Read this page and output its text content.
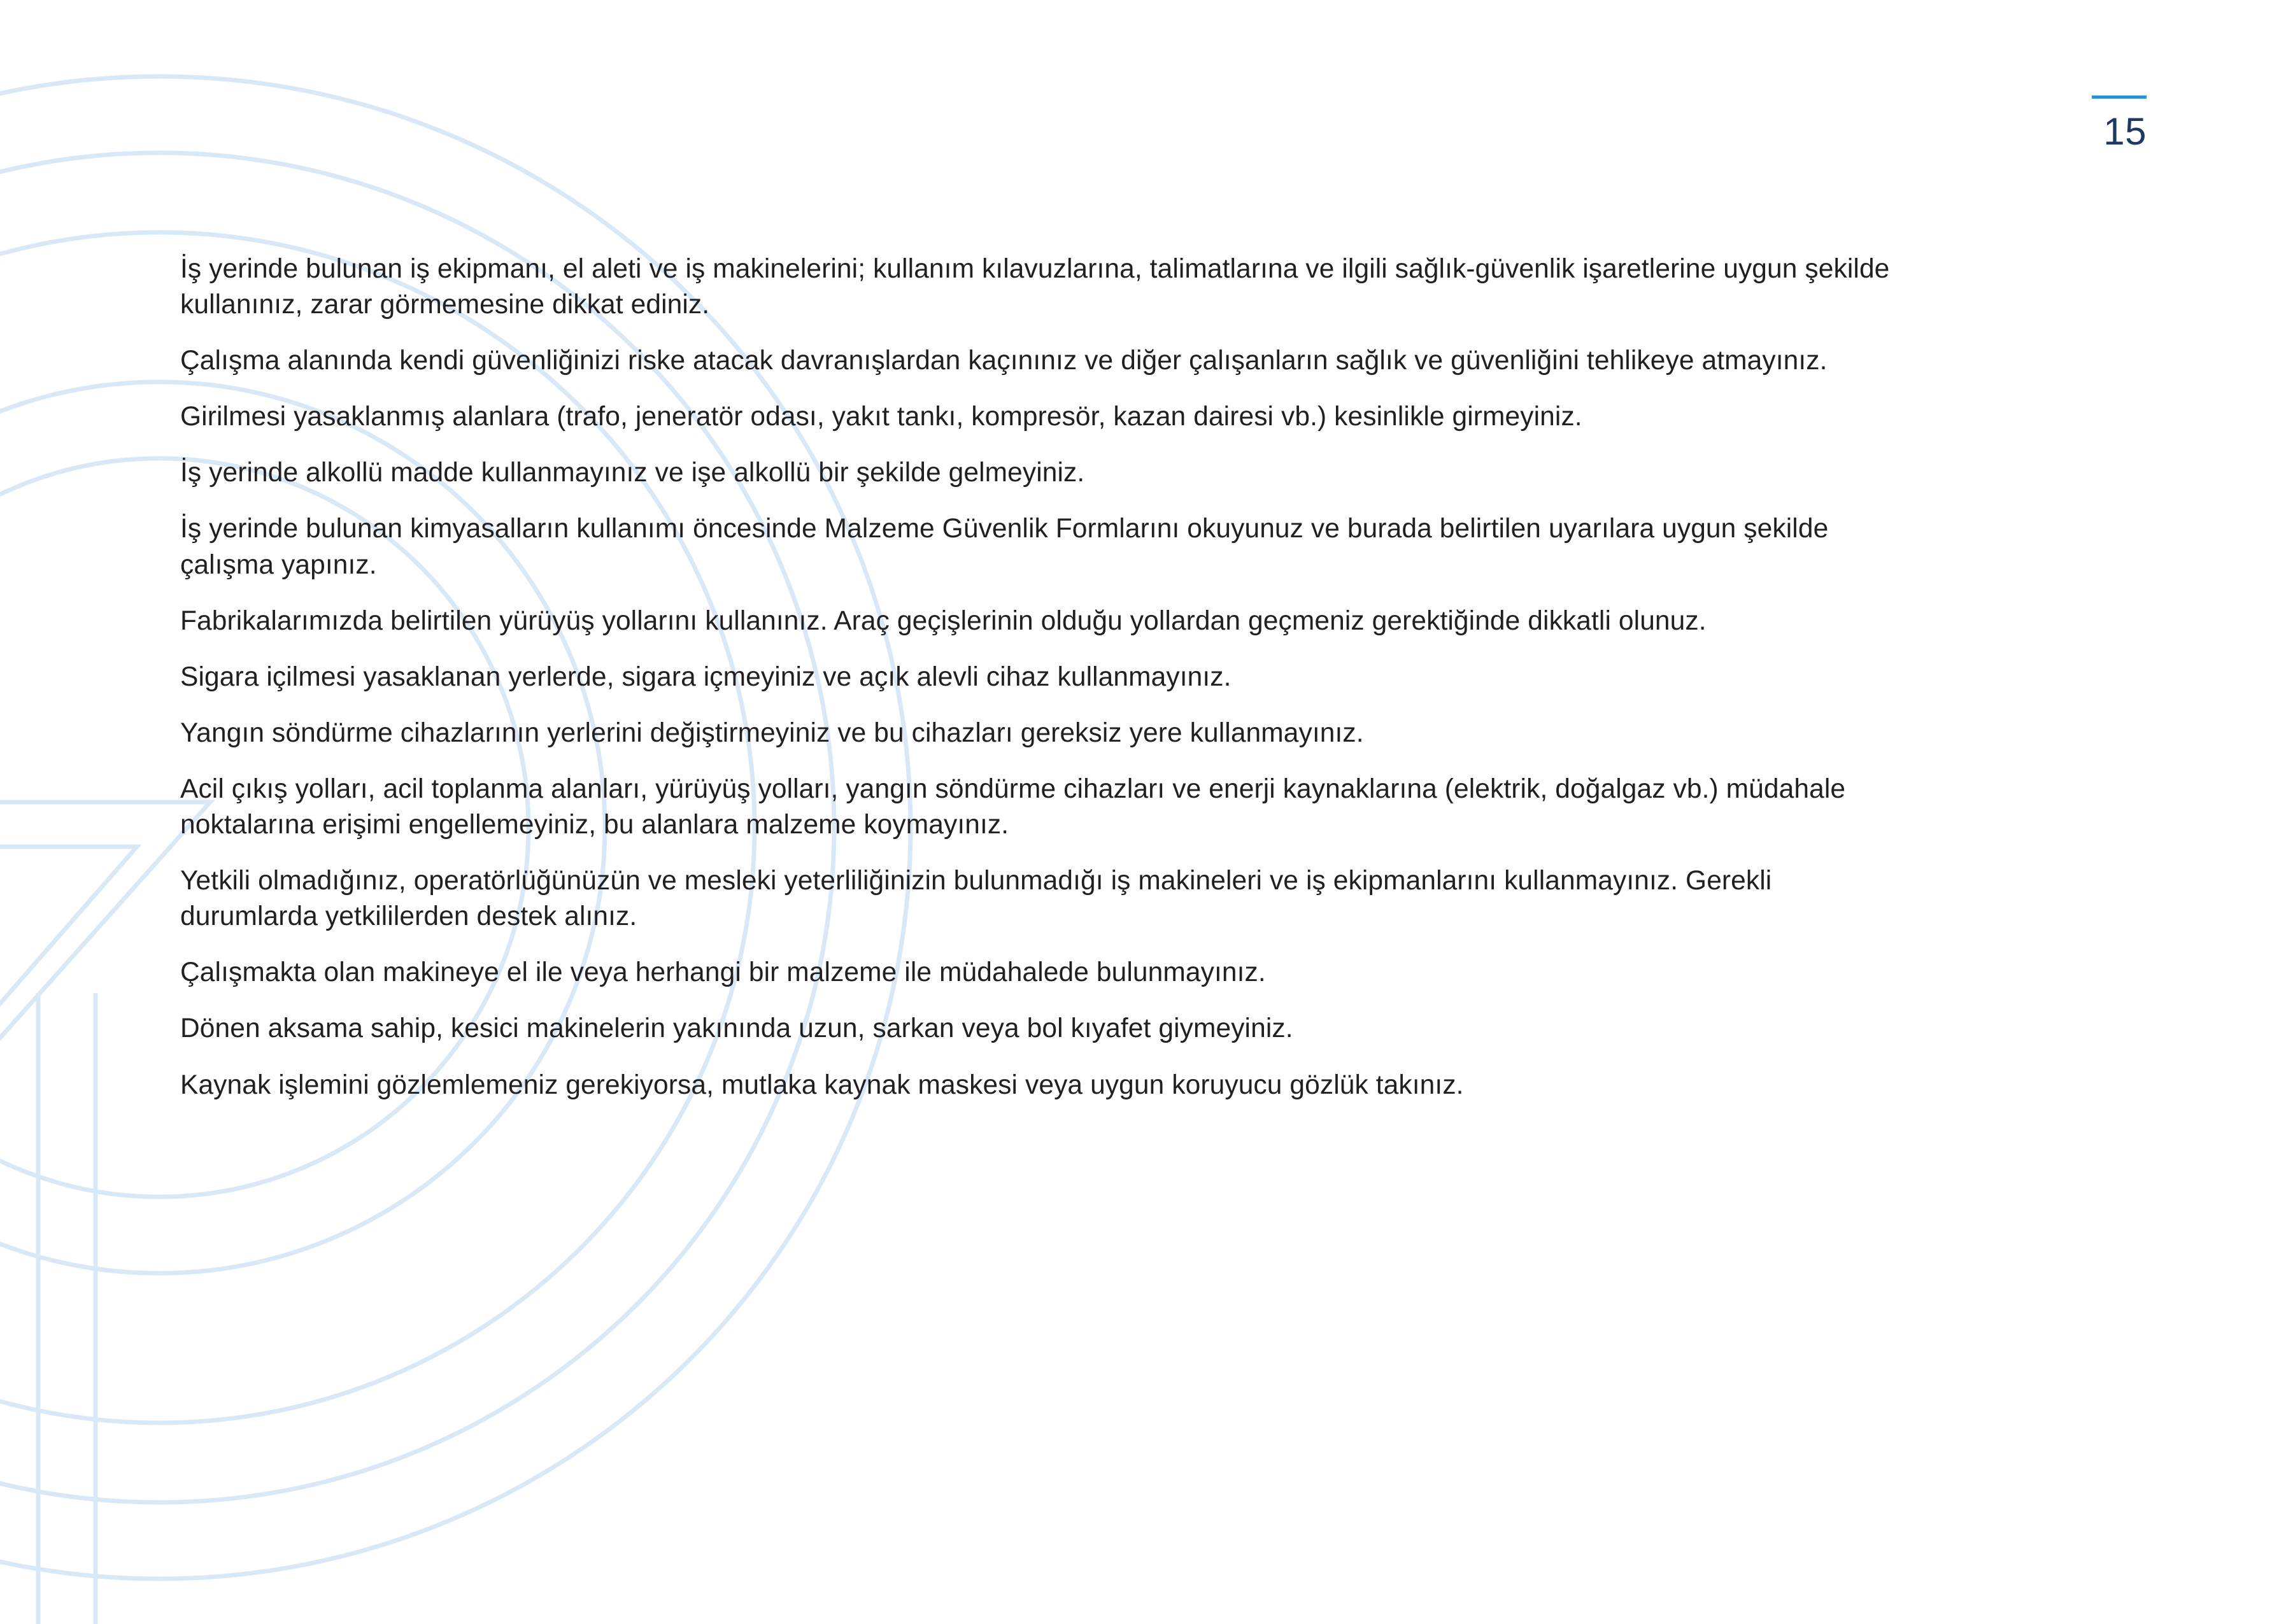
15

İş yerinde bulunan iş ekipmanı, el aleti ve iş makinelerini; kullanım kılavuzlarına, talimatlarına ve ilgili sağlık-güvenlik işaretlerine uygun şekilde kullanınız, zarar görmemesine dikkat ediniz.

Çalışma alanında kendi güvenliğinizi riske atacak davranışlardan kaçınınız ve diğer çalışanların sağlık ve güvenliğini tehlikeye atmayınız.

Girilmesi yasaklanmış alanlara (trafo, jeneratör odası, yakıt tankı, kompresör, kazan dairesi vb.) kesinlikle girmeyiniz.

İş yerinde alkollü madde kullanmayınız ve işe alkollü bir şekilde gelmeyiniz.

İş yerinde bulunan kimyasalların kullanımı öncesinde Malzeme Güvenlik Formlarını okuyunuz ve burada belirtilen uyarılara uygun şekilde çalışma yapınız.

Fabrikalarımızda belirtilen yürüyüş yollarını kullanınız. Araç geçişlerinin olduğu yollardan geçmeniz gerektiğinde dikkatli olunuz.

Sigara içilmesi yasaklanan yerlerde, sigara içmeyiniz ve açık alevli cihaz kullanmayınız.

Yangın söndürme cihazlarının yerlerini değiştirmeyiniz ve bu cihazları gereksiz yere kullanmayınız.

Acil çıkış yolları, acil toplanma alanları, yürüyüş yolları, yangın söndürme cihazları ve enerji kaynaklarına (elektrik, doğalgaz vb.) müdahale noktalarına erişimi engellemeyiniz, bu alanlara malzeme koymayınız.

Yetkili olmadığınız, operatörlüğünüzün ve mesleki yeterliliğinizin bulunmadığı iş makineleri ve iş ekipmanlarını kullanmayınız. Gerekli durumlarda yetkililerden destek alınız.

Çalışmakta olan makineye el ile veya herhangi bir malzeme ile müdahalede bulunmayınız.

Dönen aksama sahip, kesici makinelerin yakınında uzun, sarkan veya bol kıyafet giymeyiniz.

Kaynak işlemini gözlemlemeniz gerekiyorsa, mutlaka kaynak maskesi veya uygun koruyucu gözlük takınız.
